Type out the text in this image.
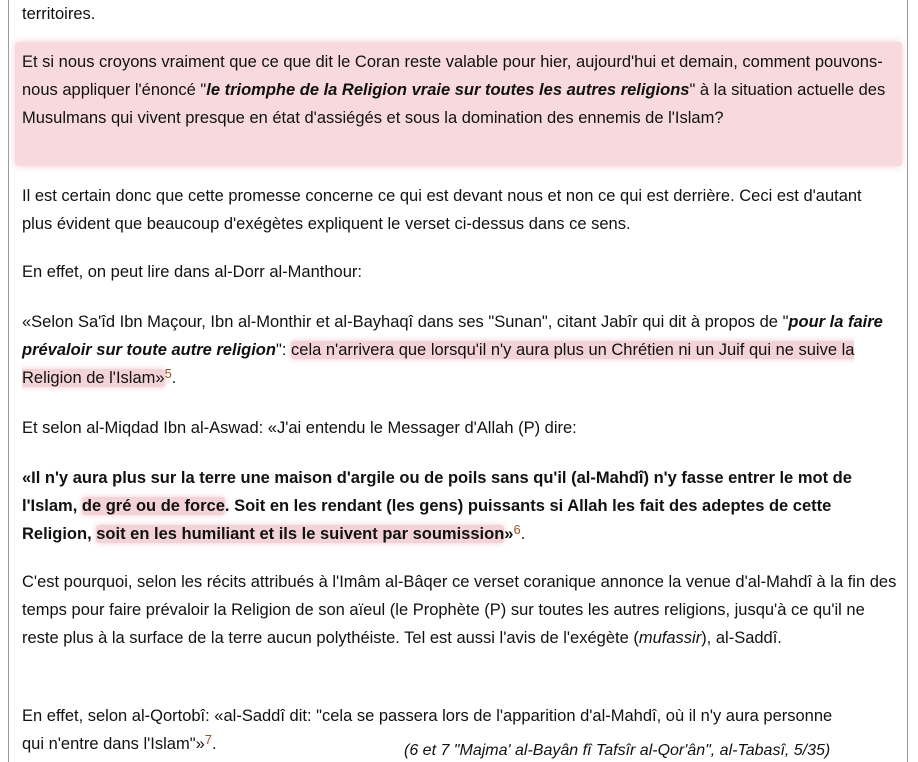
territoires.

Et si nous croyons vraiment que ce que dit le Coran reste valable pour hier, aujourd'hui et demain, comment pouvons-nous appliquer l'énoncé "le triomphe de la Religion vraie sur toutes les autres religions" à la situation actuelle des Musulmans qui vivent presque en état d'assiégés et sous la domination des ennemis de l'Islam?

Il est certain donc que cette promesse concerne ce qui est devant nous et non ce qui est derrière. Ceci est d'autant plus évident que beaucoup d'exégètes expliquent le verset ci-dessus dans ce sens.

En effet, on peut lire dans al-Dorr al-Manthour:

«Selon Sa'îd Ibn Maçour, Ibn al-Monthir et al-Bayhaqî dans ses "Sunan", citant Jabîr qui dit à propos de "pour la faire prévaloir sur toute autre religion": cela n'arrivera que lorsqu'il n'y aura plus un Chrétien ni un Juif qui ne suive la Religion de l'Islam»$^5$.

Et selon al-Miqdad Ibn al-Aswad: «J'ai entendu le Messager d'Allah (P) dire:

«Il n'y aura plus sur la terre une maison d'argile ou de poils sans qu'il (al-Mahdî) n'y fasse entrer le mot de l'Islam, de gré ou de force. Soit en les rendant (les gens) puissants si Allah les fait des adeptes de cette Religion, soit en les humiliant et ils le suivent par soumission»$^6$.

C'est pourquoi, selon les récits attribués à l'Imâm al-Bâqer ce verset coranique annonce la venue d'al-Mahdî à la fin des temps pour faire prévaloir la Religion de son aïeul (le Prophète (P) sur toutes les autres religions, jusqu'à ce qu'il ne reste plus à la surface de la terre aucun polythéiste. Tel est aussi l'avis de l'exégète (mufassir), al-Saddî.

En effet, selon al-Qortobî: «al-Saddî dit: "cela se passera lors de l'apparition d'al-Mahdî, où il n'y aura personne qui n'entre dans l'Islam"»$^7$.	(6 et 7 "Majma' al-Bayân fî Tafsîr al-Qor'ân", al-Tabasî, 5/35)
